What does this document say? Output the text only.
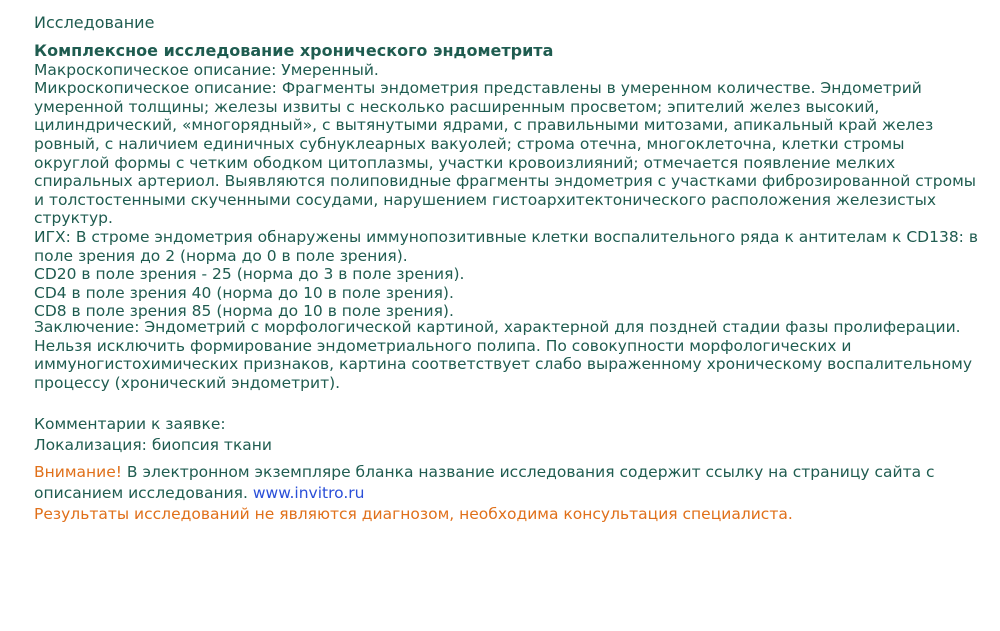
Исследование
Комплексное исследование хронического эндометрита
Макроскопическое описание: Умеренный.
Микроскопическое описание: Фрагменты эндометрия представлены в умеренном количестве. Эндометрий умеренной толщины; железы извиты с несколько расширенным просветом; эпителий желез высокий, цилиндрический, «многорядный», с вытянутыми ядрами, с правильными митозами, апикальный край желез ровный, с наличием единичных субнуклеарных вакуолей; строма отечна, многоклеточна, клетки стромы округлой формы с четким ободком цитоплазмы, участки кровоизлияний; отмечается появление мелких спиральных артериол. Выявляются полиповидные фрагменты эндометрия с участками фиброзированной стромы и толстостенными скученными сосудами, нарушением гистоархитектонического расположения железистых структур.
ИГХ: В строме эндометрия обнаружены иммунопозитивные клетки воспалительного ряда к антителам к CD138: в поле зрения до 2 (норма до 0 в поле зрения).
CD20 в поле зрения - 25 (норма до 3 в поле зрения).
CD4 в поле зрения 40 (норма до 10 в поле зрения).
CD8 в поле зрения 85 (норма до 10 в поле зрения).
Заключение: Эндометрий с морфологической картиной, характерной для поздней стадии фазы пролиферации. Нельзя исключить формирование эндометриального полипа. По совокупности морфологических и иммуногистохимических признаков, картина соответствует слабо выраженному хроническому воспалительному процессу (хронический эндометрит).
Комментарии к заявке:
Локализация: биопсия ткани
Внимание! В электронном экземпляре бланка название исследования содержит ссылку на страницу сайта с описанием исследования. www.invitro.ru
Результаты исследований не являются диагнозом, необходима консультация специалиста.
